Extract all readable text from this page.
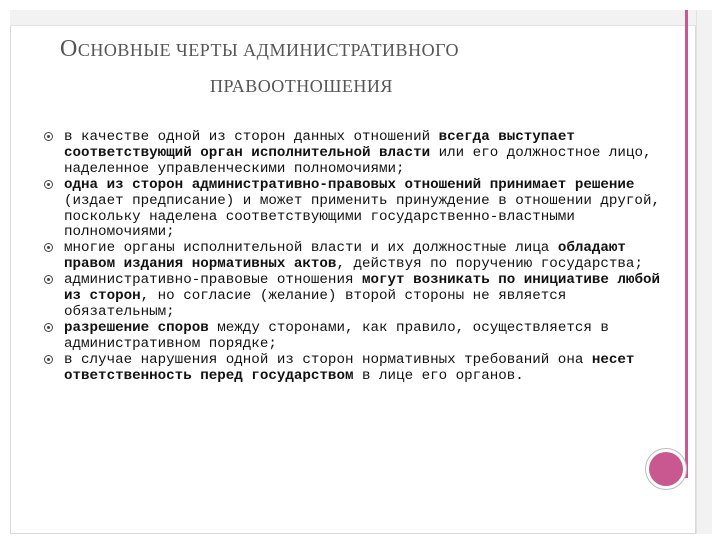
ОСНОВНЫЕ ЧЕРТЫ АДМИНИСТРАТИВНОГО
ПРАВООТНОШЕНИЯ
в качестве одной из сторон данных отношений всегда выступает соответствующий орган исполнительной власти или его должностное лицо, наделенное управленческими полномочиями;
одна из сторон административно-правовых отношений принимает решение (издает предписание) и может применить принуждение в отношении другой, поскольку наделена соответствующими государственно-властными полномочиями;
многие органы исполнительной власти и их должностные лица обладают правом издания нормативных актов, действуя по поручению государства;
административно-правовые отношения могут возникать по инициативе любой из сторон, но согласие (желание) второй стороны не является обязательным;
разрешение споров между сторонами, как правило, осуществляется в административном порядке;
в случае нарушения одной из сторон нормативных требований она несет ответственность перед государством в лице его органов.
